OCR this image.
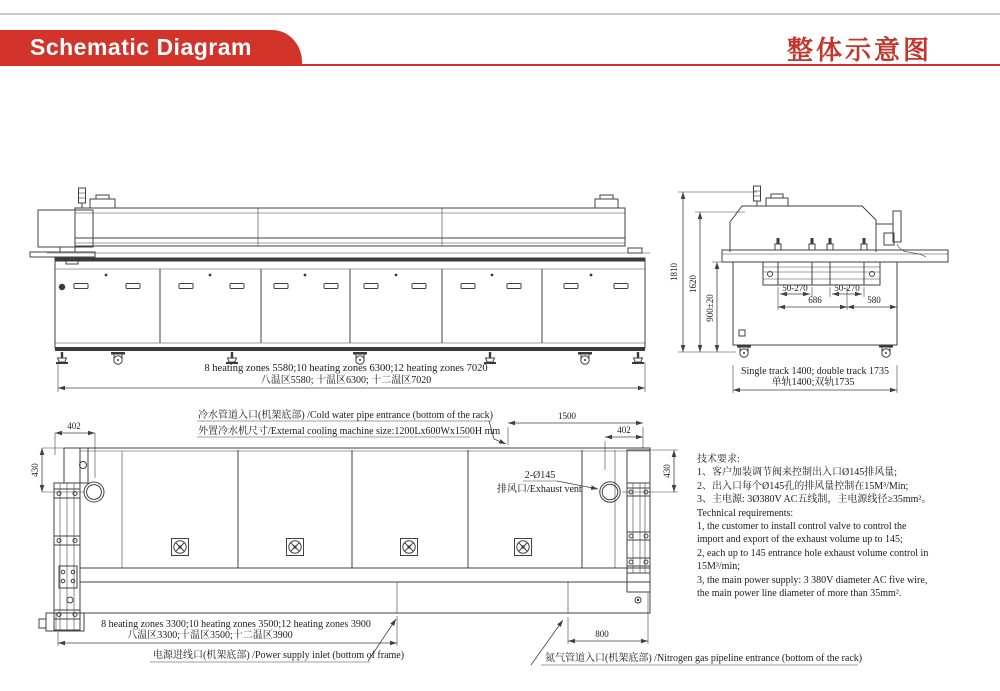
Schematic Diagram	整体示意图
8 heating zones 5580;10 heating zones 6300;12 heating zones 7020
八温区5580; 十温区6300; 十二温区7020
1810
1620
900±20
50-270	50-270
686	580
Single track 1400; double track 1735
单轨1400;双轨1735
402
430
1500
402
430
800
8 heating zones 3300;10 heating zones 3500;12 heating zones 3900
八温区3300;十温区3500;十二温区3900
冷水管道入口(机架底部) /Cold water pipe entrance (bottom of the rack)
外置冷水机尺寸/External cooling machine size:1200Lx600Wx1500H mm
2-Ø145
排风口/Exhaust vent
电源进线口(机架底部) /Power supply inlet (bottom of frame)	氮气管道入口(机架底部) /Nitrogen gas pipeline entrance (bottom of the rack)
技术要求:
1、客户加装调节阀来控制出入口Ø145排风量;
2、出入口每个Ø145孔的排风量控制在15M³/Min;
3、主电源: 3Ø380V AC五线制，主电源线径≥35mm²。
Technical requirements:
1, the customer to install control valve to control the
import and export of the exhaust volume up to 145;
2, each up to 145 entrance hole exhaust volume control in
15M³/min;
3, the main power supply: 3 380V diameter AC five wire,
the main power line diameter of more than 35mm².
